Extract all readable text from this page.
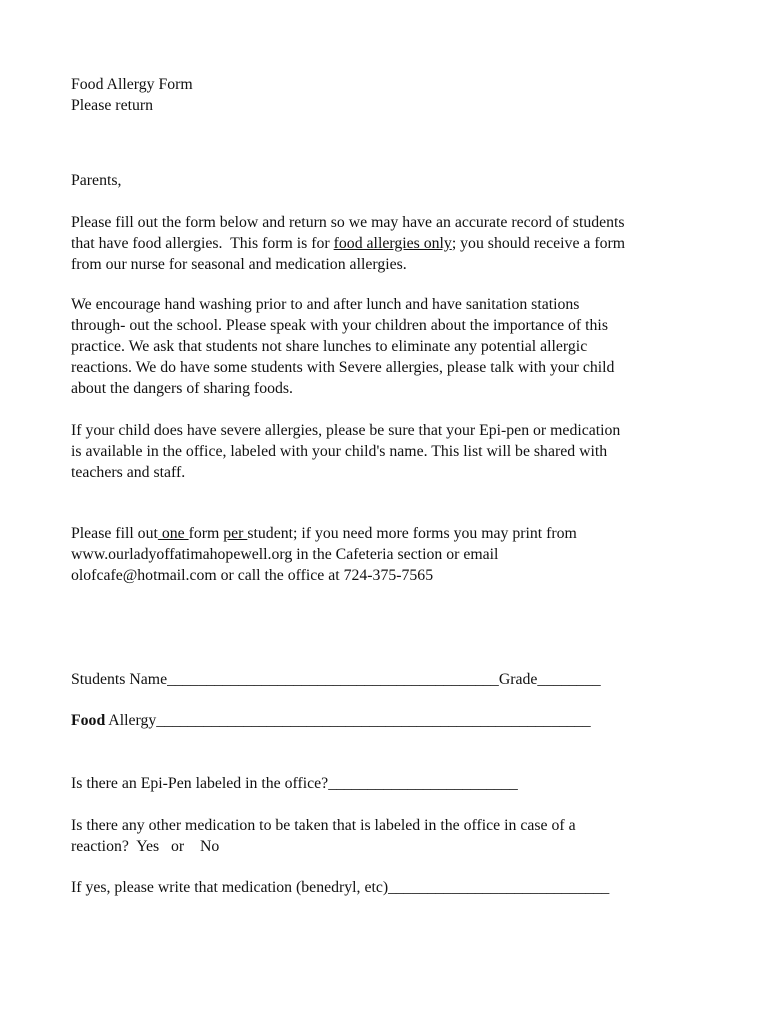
Food Allergy Form
Please return
Parents,
Please fill out the form below and return so we may have an accurate record of students
that have food allergies.  This form is for food allergies only; you should receive a form
from our nurse for seasonal and medication allergies.
We encourage hand washing prior to and after lunch and have sanitation stations
through- out the school. Please speak with your children about the importance of this
practice. We ask that students not share lunches to eliminate any potential allergic
reactions. We do have some students with Severe allergies, please talk with your child
about the dangers of sharing foods.
If your child does have severe allergies, please be sure that your Epi-pen or medication
is available in the office, labeled with your child's name. This list will be shared with
teachers and staff.
Please fill out one form per student; if you need more forms you may print from
www.ourladyoffatimahopewell.org in the Cafeteria section or email
olofcafe@hotmail.com or call the office at 724-375-7565
Students Name__________________________________________Grade________
Food Allergy_______________________________________________________
Is there an Epi-Pen labeled in the office?________________________
Is there any other medication to be taken that is labeled in the office in case of a
reaction?  Yes   or    No
If yes, please write that medication (benedryl, etc)____________________________
